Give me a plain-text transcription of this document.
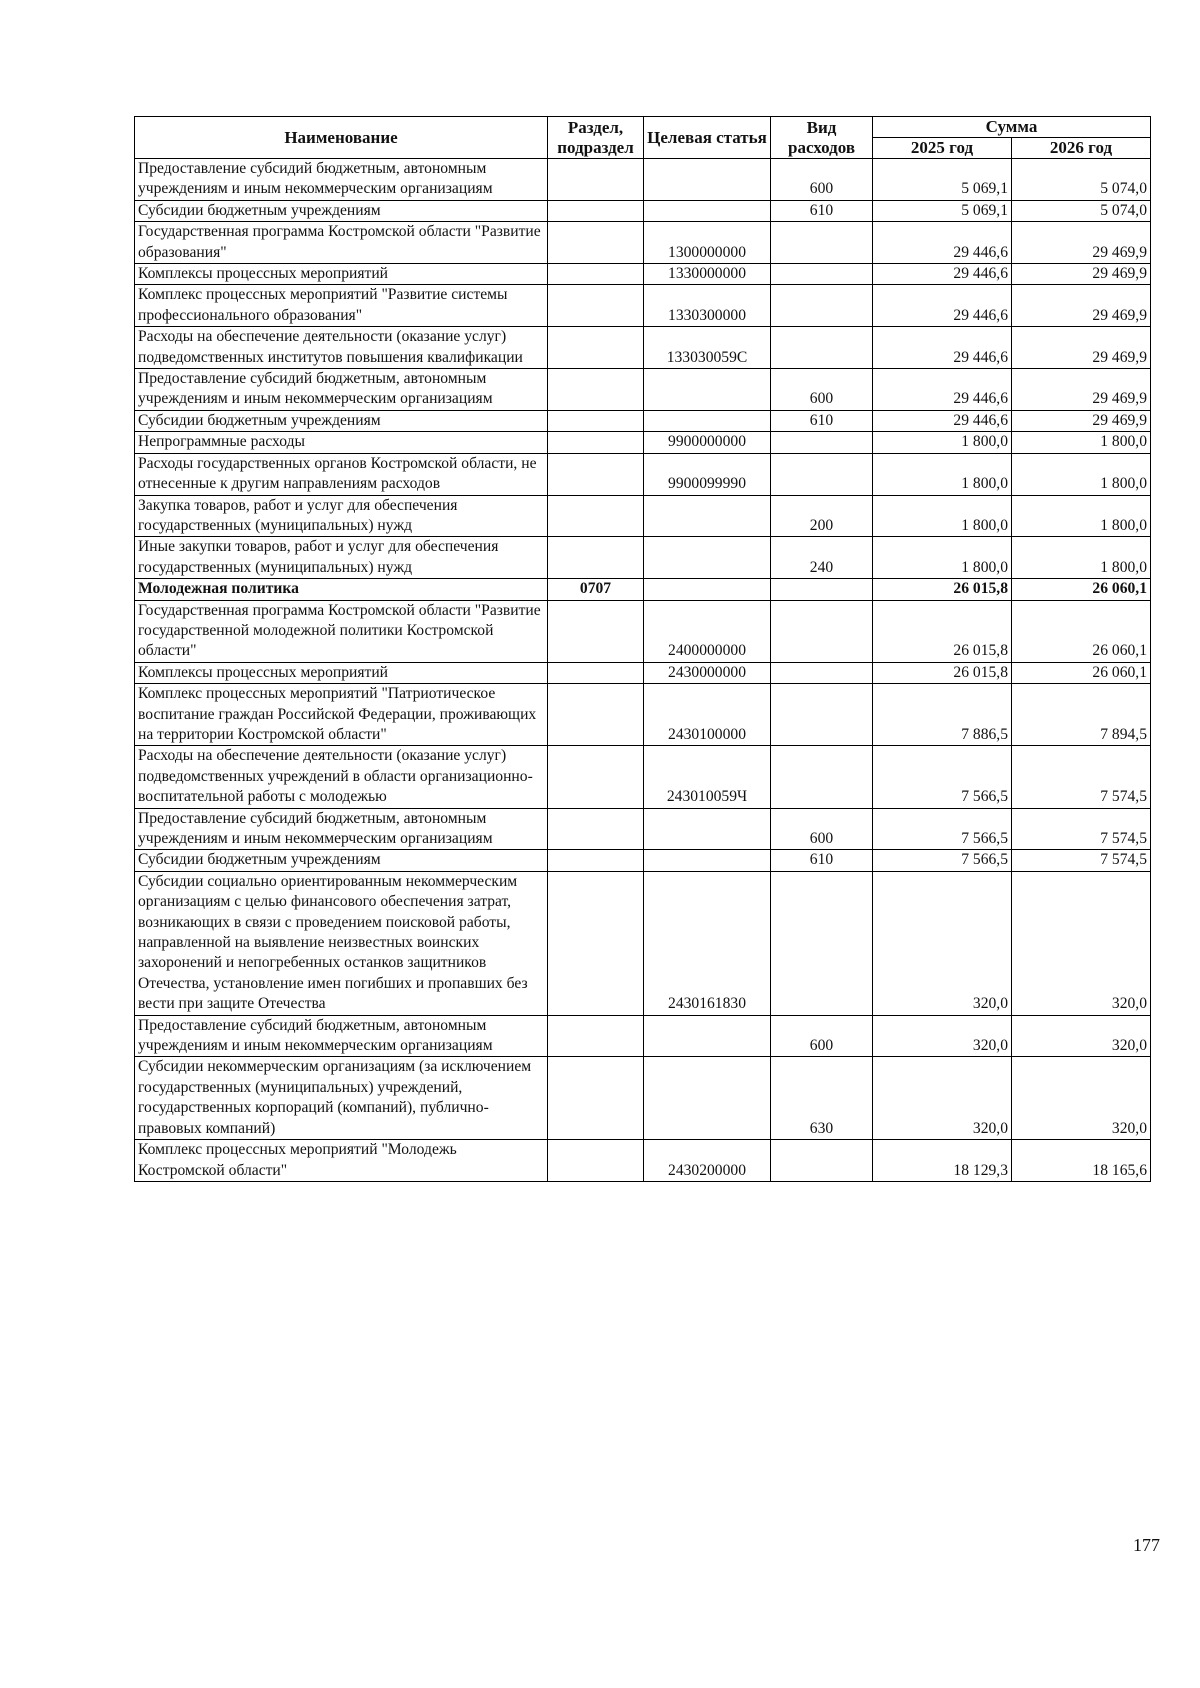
Наименование	Раздел, подраздел	Целевая статья	Вид расходов	Сумма	
				2025 год	2026 год
Предоставление субсидий бюджетным, автономным учреждениям и иным некоммерческим организациям			600	5 069,1	5 074,0
Субсидии бюджетным учреждениям			610	5 069,1	5 074,0
Государственная программа Костромской области "Развитие образования"		1300000000		29 446,6	29 469,9
Комплексы процессных мероприятий		1330000000		29 446,6	29 469,9
Комплекс процессных мероприятий "Развитие системы профессионального образования"		1330300000		29 446,6	29 469,9
Расходы на обеспечение деятельности (оказание услуг) подведомственных институтов повышения квалификации		133030059С		29 446,6	29 469,9
Предоставление субсидий бюджетным, автономным учреждениям и иным некоммерческим организациям			600	29 446,6	29 469,9
Субсидии бюджетным учреждениям			610	29 446,6	29 469,9
Непрограммные расходы		9900000000		1 800,0	1 800,0
Расходы государственных органов Костромской области, не отнесенные к другим направлениям расходов		9900099990		1 800,0	1 800,0
Закупка товаров, работ и услуг для обеспечения государственных (муниципальных) нужд			200	1 800,0	1 800,0
Иные закупки товаров, работ и услуг для обеспечения государственных (муниципальных) нужд			240	1 800,0	1 800,0
Молодежная политика	0707			26 015,8	26 060,1
Государственная программа Костромской области "Развитие государственной молодежной политики Костромской области"		2400000000		26 015,8	26 060,1
Комплексы процессных мероприятий		2430000000		26 015,8	26 060,1
Комплекс процессных мероприятий "Патриотическое воспитание граждан Российской Федерации, проживающих на территории Костромской области"		2430100000		7 886,5	7 894,5
Расходы на обеспечение деятельности (оказание услуг) подведомственных учреждений в области организационно-воспитательной работы с молодежью		243010059Ч		7 566,5	7 574,5
Предоставление субсидий бюджетным, автономным учреждениям и иным некоммерческим организациям			600	7 566,5	7 574,5
Субсидии бюджетным учреждениям			610	7 566,5	7 574,5
Субсидии социально ориентированным некоммерческим организациям с целью финансового обеспечения затрат, возникающих в связи с проведением поисковой работы, направленной на выявление неизвестных воинских захоронений и непогребенных останков защитников Отечества, установление имен погибших и пропавших без вести при защите Отечества		2430161830		320,0	320,0
Предоставление субсидий бюджетным, автономным учреждениям и иным некоммерческим организациям			600	320,0	320,0
Субсидии некоммерческим организациям (за исключением государственных (муниципальных) учреждений, государственных корпораций (компаний), публично-правовых компаний)			630	320,0	320,0
Комплекс процессных мероприятий "Молодежь Костромской области"		2430200000		18 129,3	18 165,6
177
